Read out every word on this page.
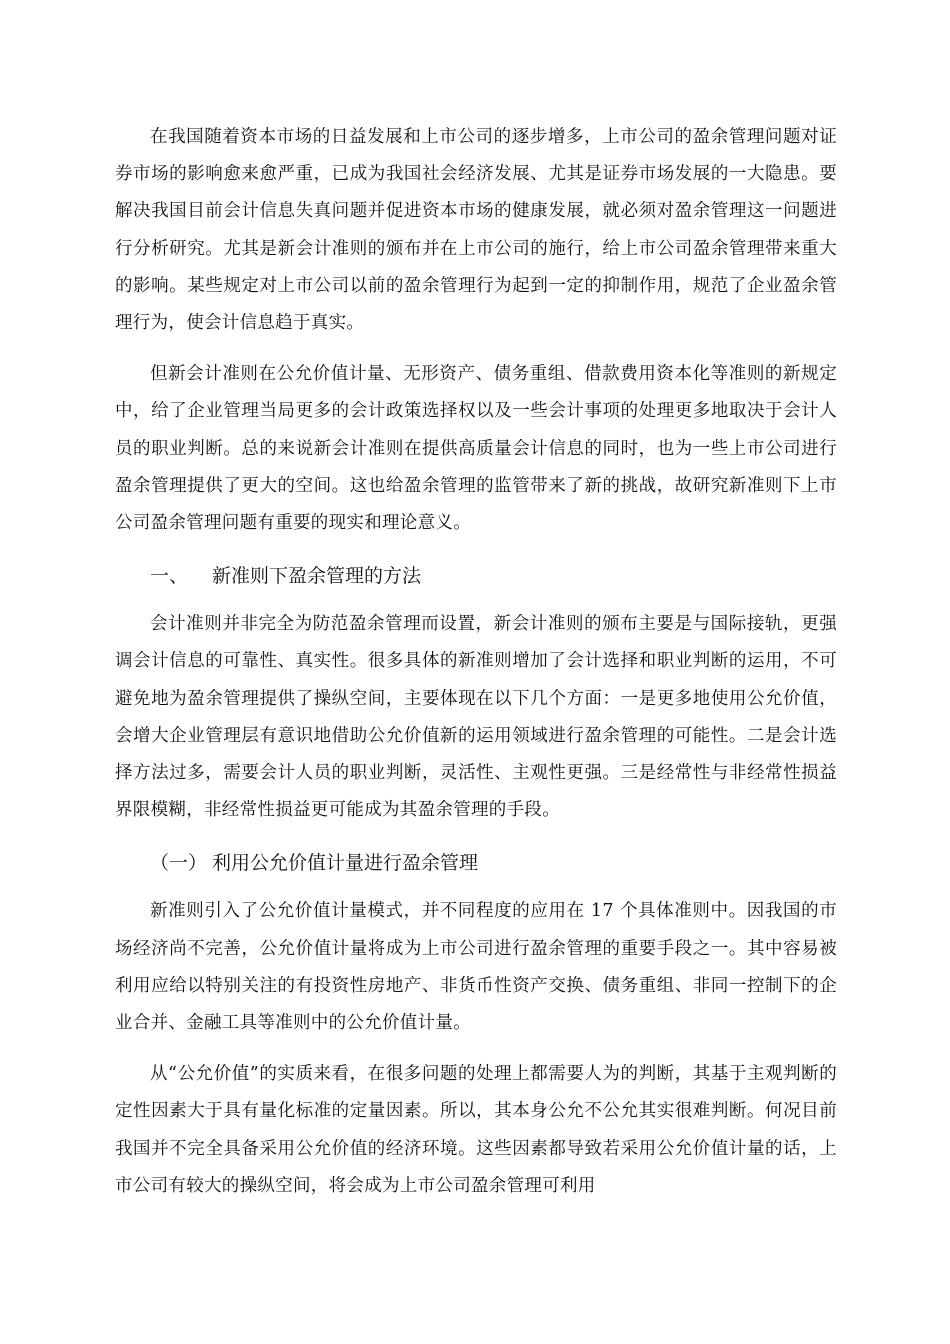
在我国随着资本市场的日益发展和上市公司的逐步增多，上市公司的盈余管理问题对证券市场的影响愈来愈严重，已成为我国社会经济发展、尤其是证券市场发展的一大隐患。要解决我国目前会计信息失真问题并促进资本市场的健康发展，就必须对盈余管理这一问题进行分析研究。尤其是新会计准则的颁布并在上市公司的施行，给上市公司盈余管理带来重大的影响。某些规定对上市公司以前的盈余管理行为起到一定的抑制作用，规范了企业盈余管理行为，使会计信息趋于真实。

但新会计准则在公允价值计量、无形资产、债务重组、借款费用资本化等准则的新规定中，给了企业管理当局更多的会计政策选择权以及一些会计事项的处理更多地取决于会计人员的职业判断。总的来说新会计准则在提供高质量会计信息的同时，也为一些上市公司进行盈余管理提供了更大的空间。这也给盈余管理的监管带来了新的挑战，故研究新准则下上市公司盈余管理问题有重要的现实和理论意义。

一、 新准则下盈余管理的方法

会计准则并非完全为防范盈余管理而设置，新会计准则的颁布主要是与国际接轨，更强调会计信息的可靠性、真实性。很多具体的新准则增加了会计选择和职业判断的运用，不可避免地为盈余管理提供了操纵空间，主要体现在以下几个方面：一是更多地使用公允价值，会增大企业管理层有意识地借助公允价值新的运用领域进行盈余管理的可能性。二是会计选择方法过多，需要会计人员的职业判断，灵活性、主观性更强。三是经常性与非经常性损益界限模糊，非经常性损益更可能成为其盈余管理的手段。

（一） 利用公允价值计量进行盈余管理

新准则引入了公允价值计量模式，并不同程度的应用在 17 个具体准则中。因我国的市场经济尚不完善，公允价值计量将成为上市公司进行盈余管理的重要手段之一。其中容易被利用应给以特别关注的有投资性房地产、非货币性资产交换、债务重组、非同一控制下的企业合并、金融工具等准则中的公允价值计量。

从“公允价值”的实质来看，在很多问题的处理上都需要人为的判断，其基于主观判断的定性因素大于具有量化标准的定量因素。所以，其本身公允不公允其实很难判断。何况目前我国并不完全具备采用公允价值的经济环境。这些因素都导致若采用公允价值计量的话，上市公司有较大的操纵空间，将会成为上市公司盈余管理可利用
